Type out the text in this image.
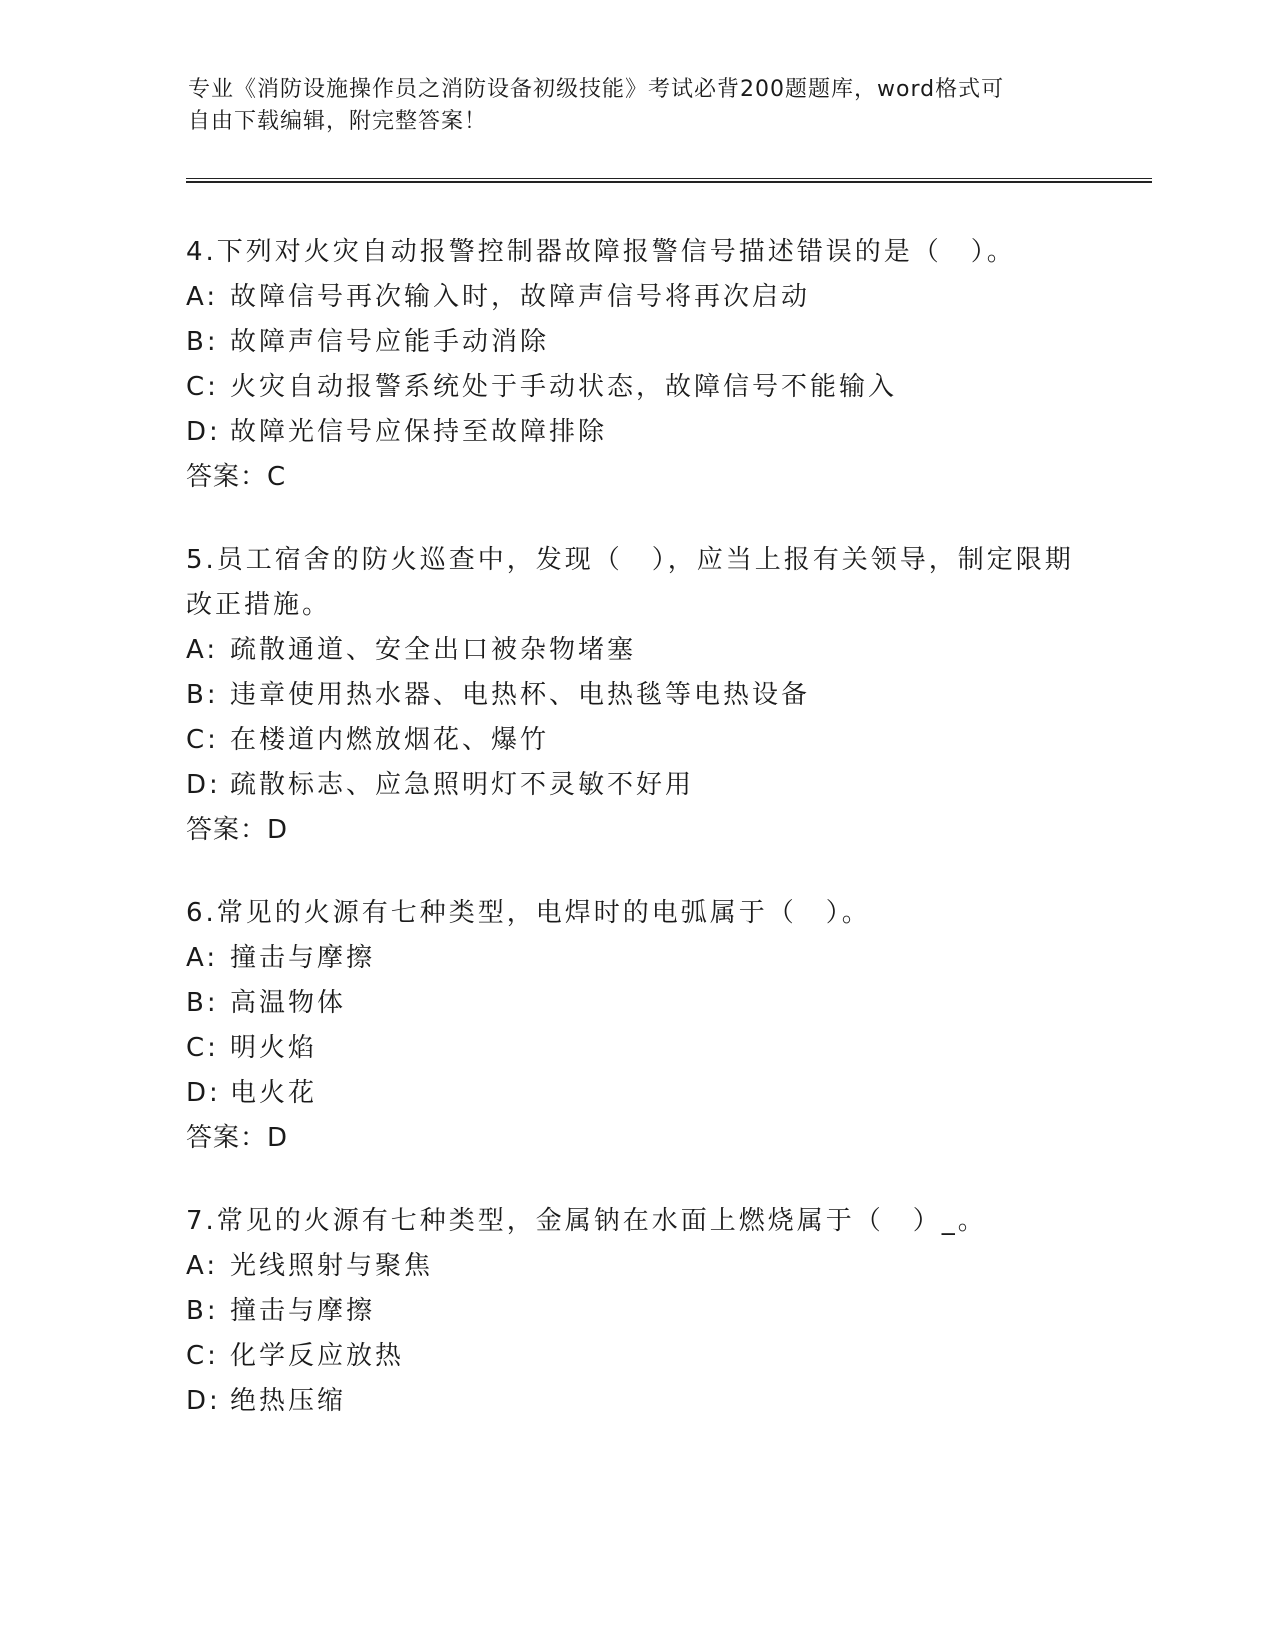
专业《消防设施操作员之消防设备初级技能》考试必背200题题库，word格式可
自由下载编辑，附完整答案！
4.下列对火灾自动报警控制器故障报警信号描述错误的是（　）。
A: 故障信号再次输入时，故障声信号将再次启动
B: 故障声信号应能手动消除
C: 火灾自动报警系统处于手动状态，故障信号不能输入
D: 故障光信号应保持至故障排除
答案：C
5.员工宿舍的防火巡查中，发现（　），应当上报有关领导，制定限期改正措施。
A: 疏散通道、安全出口被杂物堵塞
B: 违章使用热水器、电热杯、电热毯等电热设备
C: 在楼道内燃放烟花、爆竹
D: 疏散标志、应急照明灯不灵敏不好用
答案：D
6.常见的火源有七种类型，电焊时的电弧属于（　）。
A: 撞击与摩擦
B: 高温物体
C: 明火焰
D: 电火花
答案：D
7.常见的火源有七种类型，金属钠在水面上燃烧属于（　）_。
A: 光线照射与聚焦
B: 撞击与摩擦
C: 化学反应放热
D: 绝热压缩
